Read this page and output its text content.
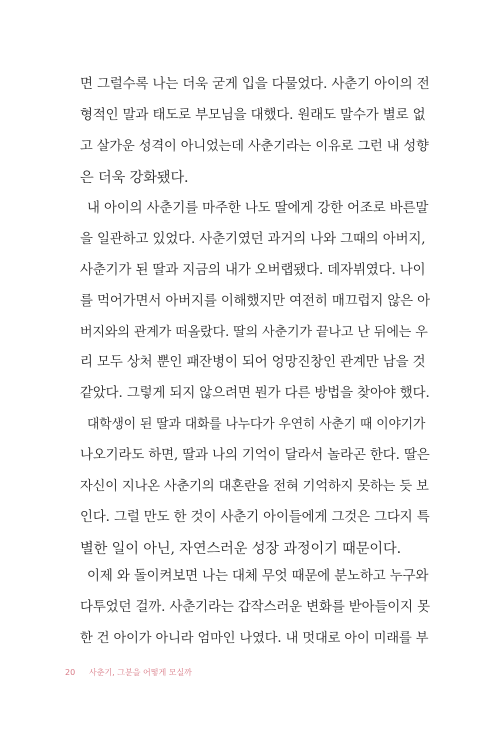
면 그럴수록 나는 더욱 굳게 입을 다물었다. 사춘기 아이의 전
형적인 말과 태도로 부모님을 대했다. 원래도 말수가 별로 없
고 살가운 성격이 아니었는데 사춘기라는 이유로 그런 내 성향
은 더욱 강화됐다.
내 아이의 사춘기를 마주한 나도 딸에게 강한 어조로 바른말
을 일관하고 있었다. 사춘기였던 과거의 나와 그때의 아버지,
사춘기가 된 딸과 지금의 내가 오버랩됐다. 데자뷔였다. 나이
를 먹어가면서 아버지를 이해했지만 여전히 매끄럽지 않은 아
버지와의 관계가 떠올랐다. 딸의 사춘기가 끝나고 난 뒤에는 우
리 모두 상처 뿐인 패잔병이 되어 엉망진창인 관계만 남을 것
같았다. 그렇게 되지 않으려면 뭔가 다른 방법을 찾아야 했다.
대학생이 된 딸과 대화를 나누다가 우연히 사춘기 때 이야기가
나오기라도 하면, 딸과 나의 기억이 달라서 놀라곤 한다. 딸은
자신이 지나온 사춘기의 대혼란을 전혀 기억하지 못하는 듯 보
인다. 그럴 만도 한 것이 사춘기 아이들에게 그것은 그다지 특
별한 일이 아닌, 자연스러운 성장 과정이기 때문이다.
이제 와 돌이켜보면 나는 대체 무엇 때문에 분노하고 누구와
다투었던 걸까. 사춘기라는 갑작스러운 변화를 받아들이지 못
한 건 아이가 아니라 엄마인 나였다. 내 멋대로 아이 미래를 부
20 사춘기, 그분을 어떻게 모실까
